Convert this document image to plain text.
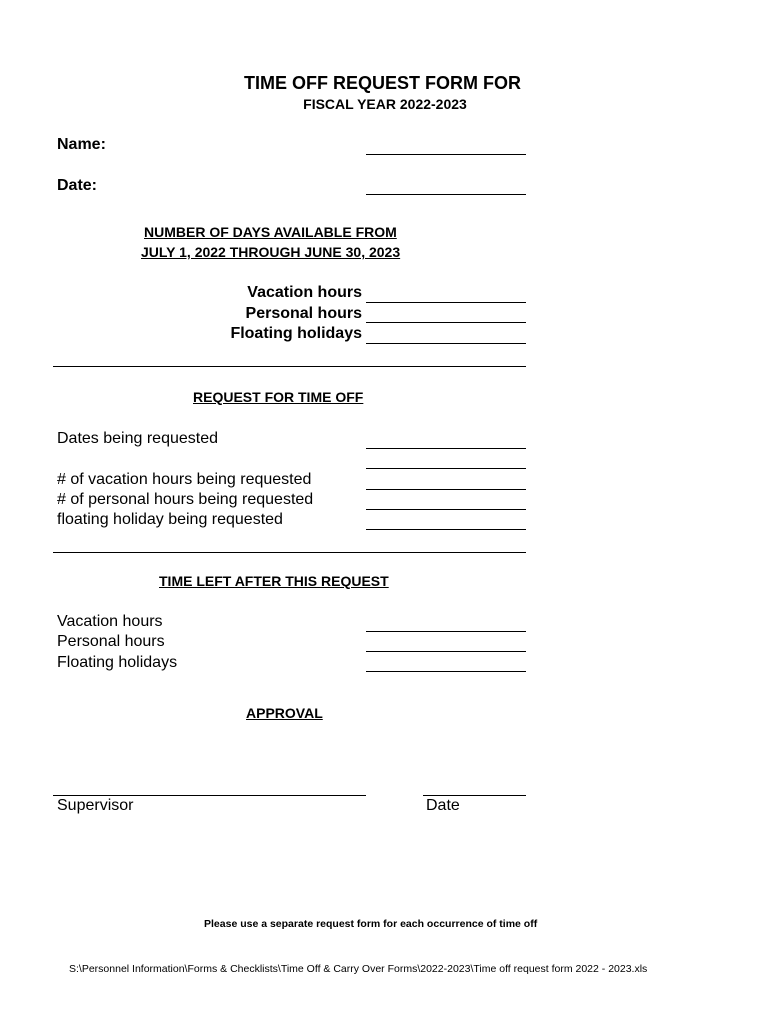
TIME OFF REQUEST FORM FOR
FISCAL YEAR 2022-2023
Name:
Date:
NUMBER OF DAYS AVAILABLE FROM
JULY 1, 2022 THROUGH JUNE 30, 2023
Vacation hours
Personal hours
Floating holidays
REQUEST FOR TIME OFF
Dates being requested
# of vacation hours being requested
# of personal hours being requested
floating holiday being requested
TIME LEFT AFTER THIS REQUEST
Vacation hours
Personal hours
Floating holidays
APPROVAL
Supervisor	Date
Please use a separate request form for each occurrence of time off
S:\Personnel Information\Forms & Checklists\Time Off & Carry Over Forms\2022-2023\Time off request form 2022 - 2023.xls
